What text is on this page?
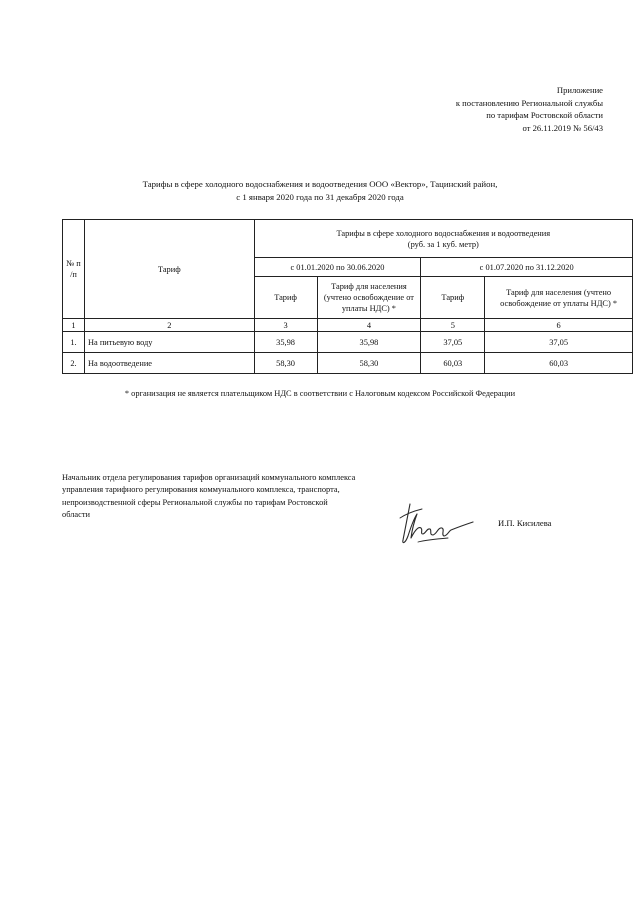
Приложение
к постановлению Региональной службы
по тарифам Ростовской области
от 26.11.2019 № 56/43
Тарифы в сфере холодного водоснабжения и водоотведения ООО «Вектор», Тацинский район,
с 1 января 2020 года по 31 декабря 2020 года
№ п /п	Тариф	Тарифы в сфере холодного водоснабжения и водоотведения
(руб. за 1 куб. метр)			

		с 01.01.2020 по 30.06.2020		с 01.07.2020 по 31.12.2020	
		Тариф	Тариф для населения (учтено освобождение от уплаты НДС) *	Тариф	Тариф для населения (учтено освобождение от уплаты НДС) *
1	2	3	4	5	6
1.	На питьевую воду	35,98	35,98	37,05	37,05
2.	На водоотведение	58,30	58,30	60,03	60,03
* организация не является плательщиком НДС в соответствии с Налоговым кодексом Российской Федерации
Начальник отдела регулирования тарифов организаций коммунального комплекса
управления тарифного регулирования коммунального комплекса, транспорта,
непроизводственной сферы Региональной службы по тарифам Ростовской
области
И.П. Кисилева
